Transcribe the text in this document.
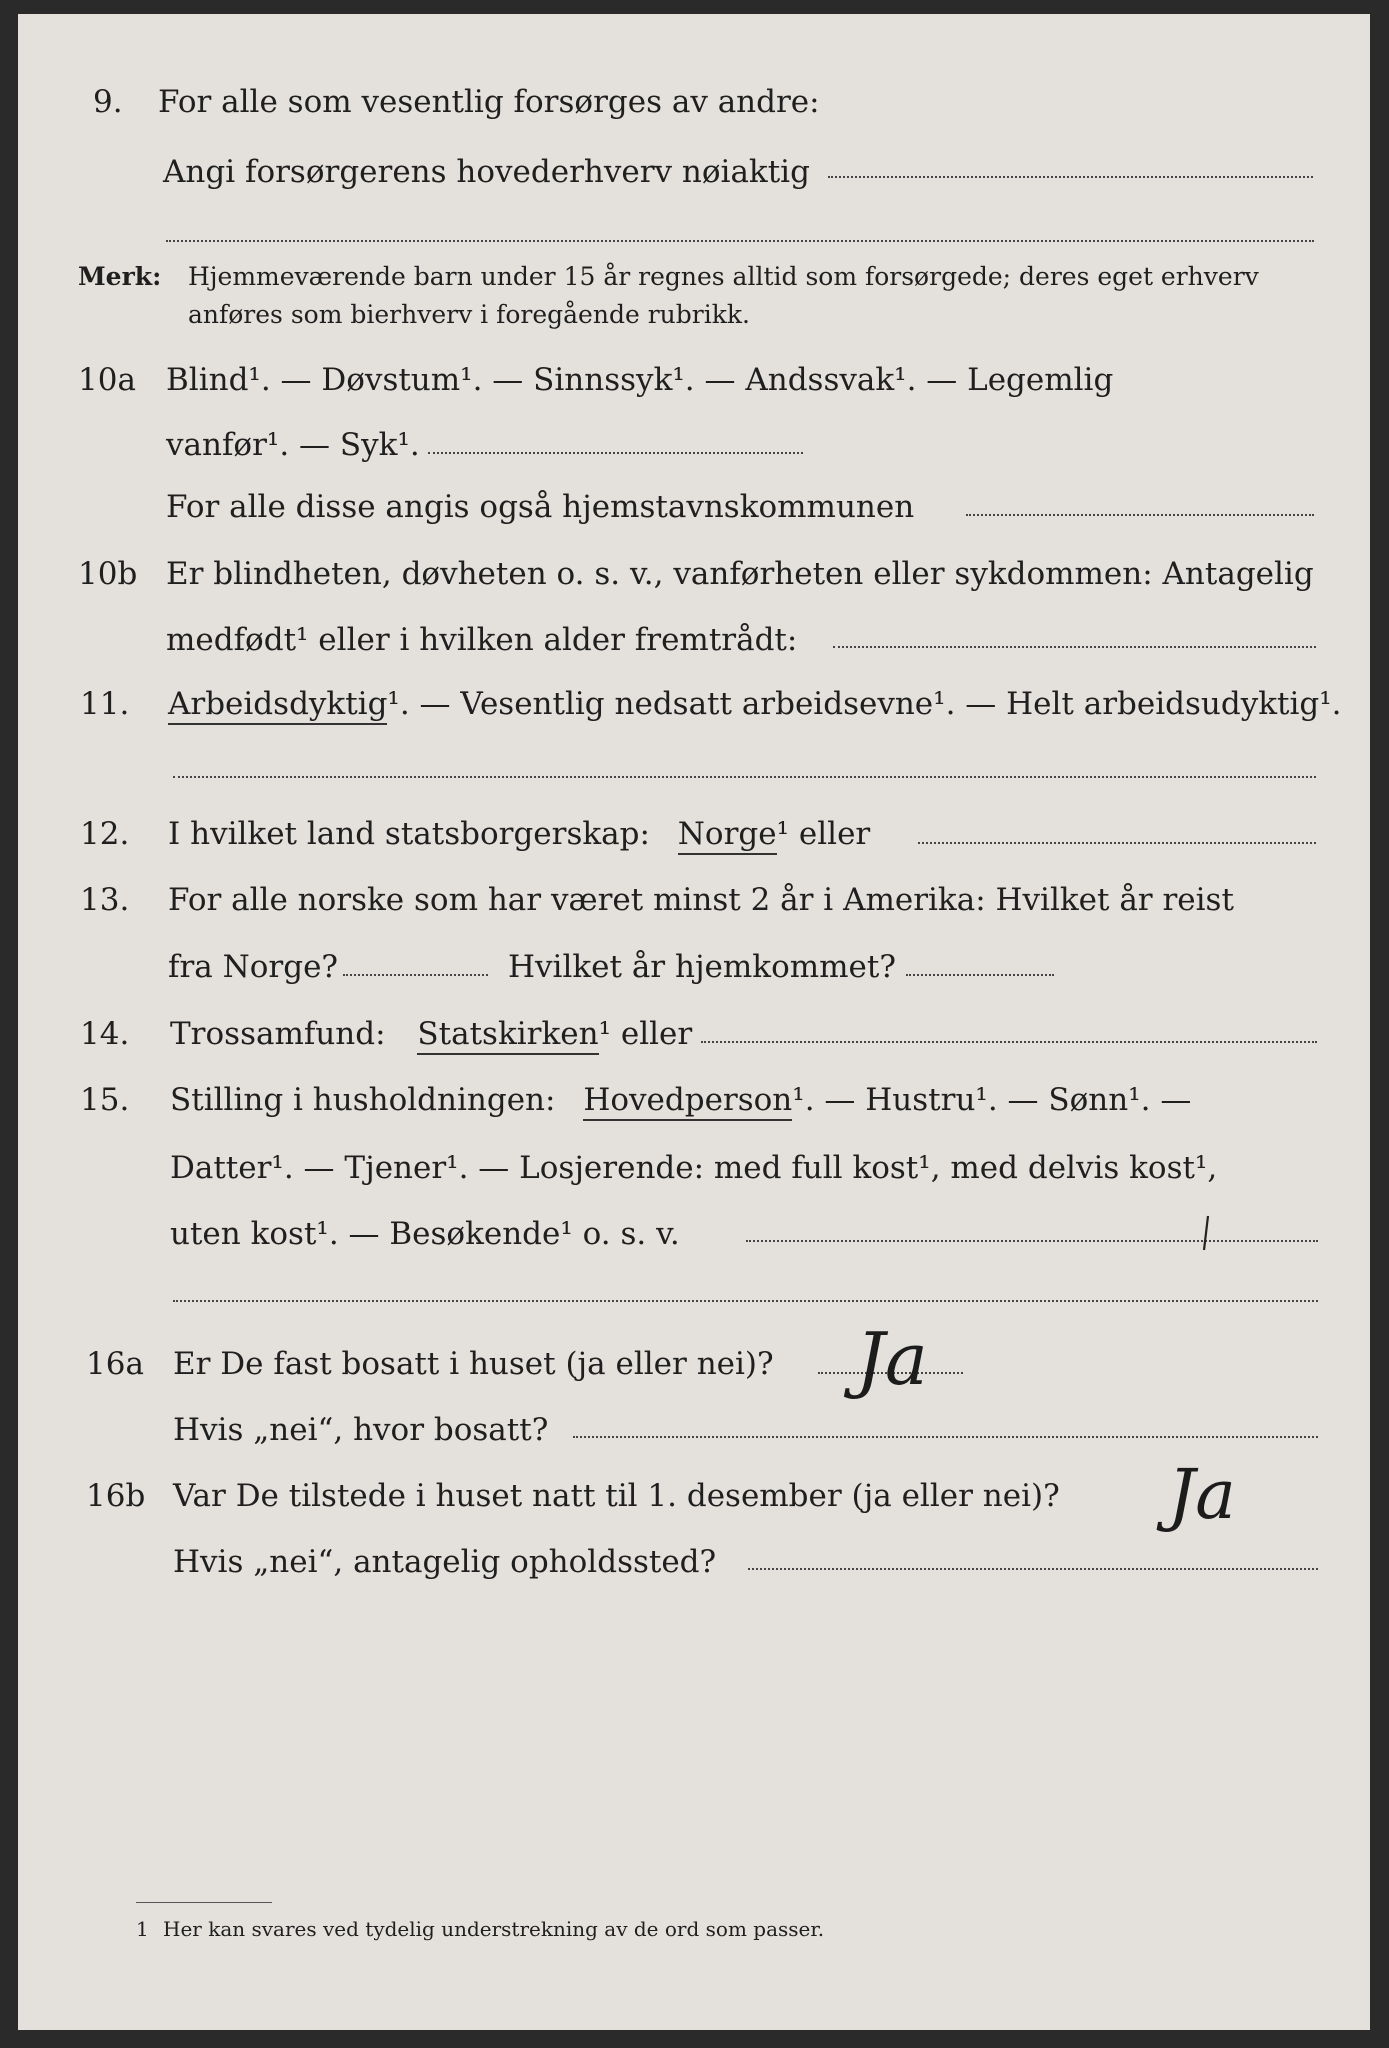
9.	For alle som vesentlig forsørges av andre:
Angi forsørgerens hovederhverv nøiaktig
Merk: Hjemmeværende barn under 15 år regnes alltid som forsørgede; deres eget erhverv
anføres som bierhverv i foregående rubrikk.
10a Blind¹. — Døvstum¹. — Sinnssyk¹. — Andssvak¹. — Legemlig
vanfør¹. — Syk¹.
For alle disse angis også hjemstavnskommunen
10b Er blindheten, døvheten o. s. v., vanførheten eller sykdommen: Antagelig
medfødt¹ eller i hvilken alder fremtrådt:
11.	Arbeidsdyktig¹. — Vesentlig nedsatt arbeidsevne¹. — Helt arbeidsudyktig¹.
12.	I hvilket land statsborgerskap: Norge¹ eller
13.	For alle norske som har været minst 2 år i Amerika: Hvilket år reist
fra Norge?	Hvilket år hjemkommet?
14.	Trossamfund: Statskirken¹ eller
15.	Stilling i husholdningen: Hovedperson¹. — Hustru¹. — Sønn¹. —
Datter¹. — Tjener¹. — Losjerende: med full kost¹, med delvis kost¹,
uten kost¹. — Besøkende¹ o. s. v.
16a Er De fast bosatt i huset (ja eller nei)? Ja
Hvis „nei“, hvor bosatt?
16b Var De tilstede i huset natt til 1. desember (ja eller nei)? Ja
Hvis „nei“, antagelig opholdssted?
1 Her kan svares ved tydelig understrekning av de ord som passer.
